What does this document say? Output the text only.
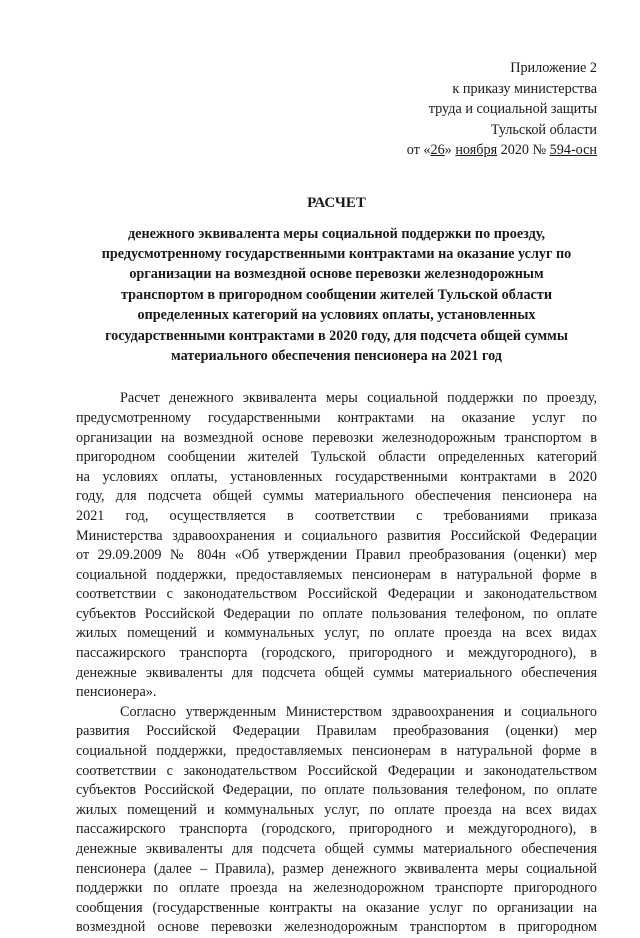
Приложение 2
к приказу министерства
труда и социальной защиты
Тульской области
от «26» ноября 2020 № 594-осн
РАСЧЕТ
денежного эквивалента меры социальной поддержки по проезду,
предусмотренному государственными контрактами на оказание услуг по
организации на возмездной основе перевозки железнодорожным
транспортом в пригородном сообщении жителей Тульской области
определенных категорий на условиях оплаты, установленных
государственными контрактами в 2020 году, для подсчета общей суммы
материального обеспечения пенсионера на 2021 год
Расчет денежного эквивалента меры социальной поддержки по проезду,
предусмотренному государственными контрактами на оказание услуг по
организации на возмездной основе перевозки железнодорожным транспортом в
пригородном сообщении жителей Тульской области определенных категорий
на условиях оплаты, установленных государственными контрактами в 2020
году, для подсчета общей суммы материального обеспечения пенсионера на
2021 год, осуществляется в соответствии с требованиями приказа
Министерства здравоохранения и социального развития Российской Федерации
от 29.09.2009 № 804н «Об утверждении Правил преобразования (оценки) мер
социальной поддержки, предоставляемых пенсионерам в натуральной форме в
соответствии с законодательством Российской Федерации и законодательством
субъектов Российской Федерации по оплате пользования телефоном, по оплате
жилых помещений и коммунальных услуг, по оплате проезда на всех видах
пассажирского транспорта (городского, пригородного и междугородного), в
денежные эквиваленты для подсчета общей суммы материального обеспечения
пенсионера».
Согласно утвержденным Министерством здравоохранения и социального
развития Российской Федерации Правилам преобразования (оценки) мер
социальной поддержки, предоставляемых пенсионерам в натуральной форме в
соответствии с законодательством Российской Федерации и законодательством
субъектов Российской Федерации, по оплате пользования телефоном, по оплате
жилых помещений и коммунальных услуг, по оплате проезда на всех видах
пассажирского транспорта (городского, пригородного и междугородного), в
денежные эквиваленты для подсчета общей суммы материального обеспечения
пенсионера (далее – Правила), размер денежного эквивалента меры социальной
поддержки по оплате проезда на железнодорожном транспорте пригородного
сообщения (государственные контракты на оказание услуг по организации на
возмездной основе перевозки железнодорожным транспортом в пригородном
